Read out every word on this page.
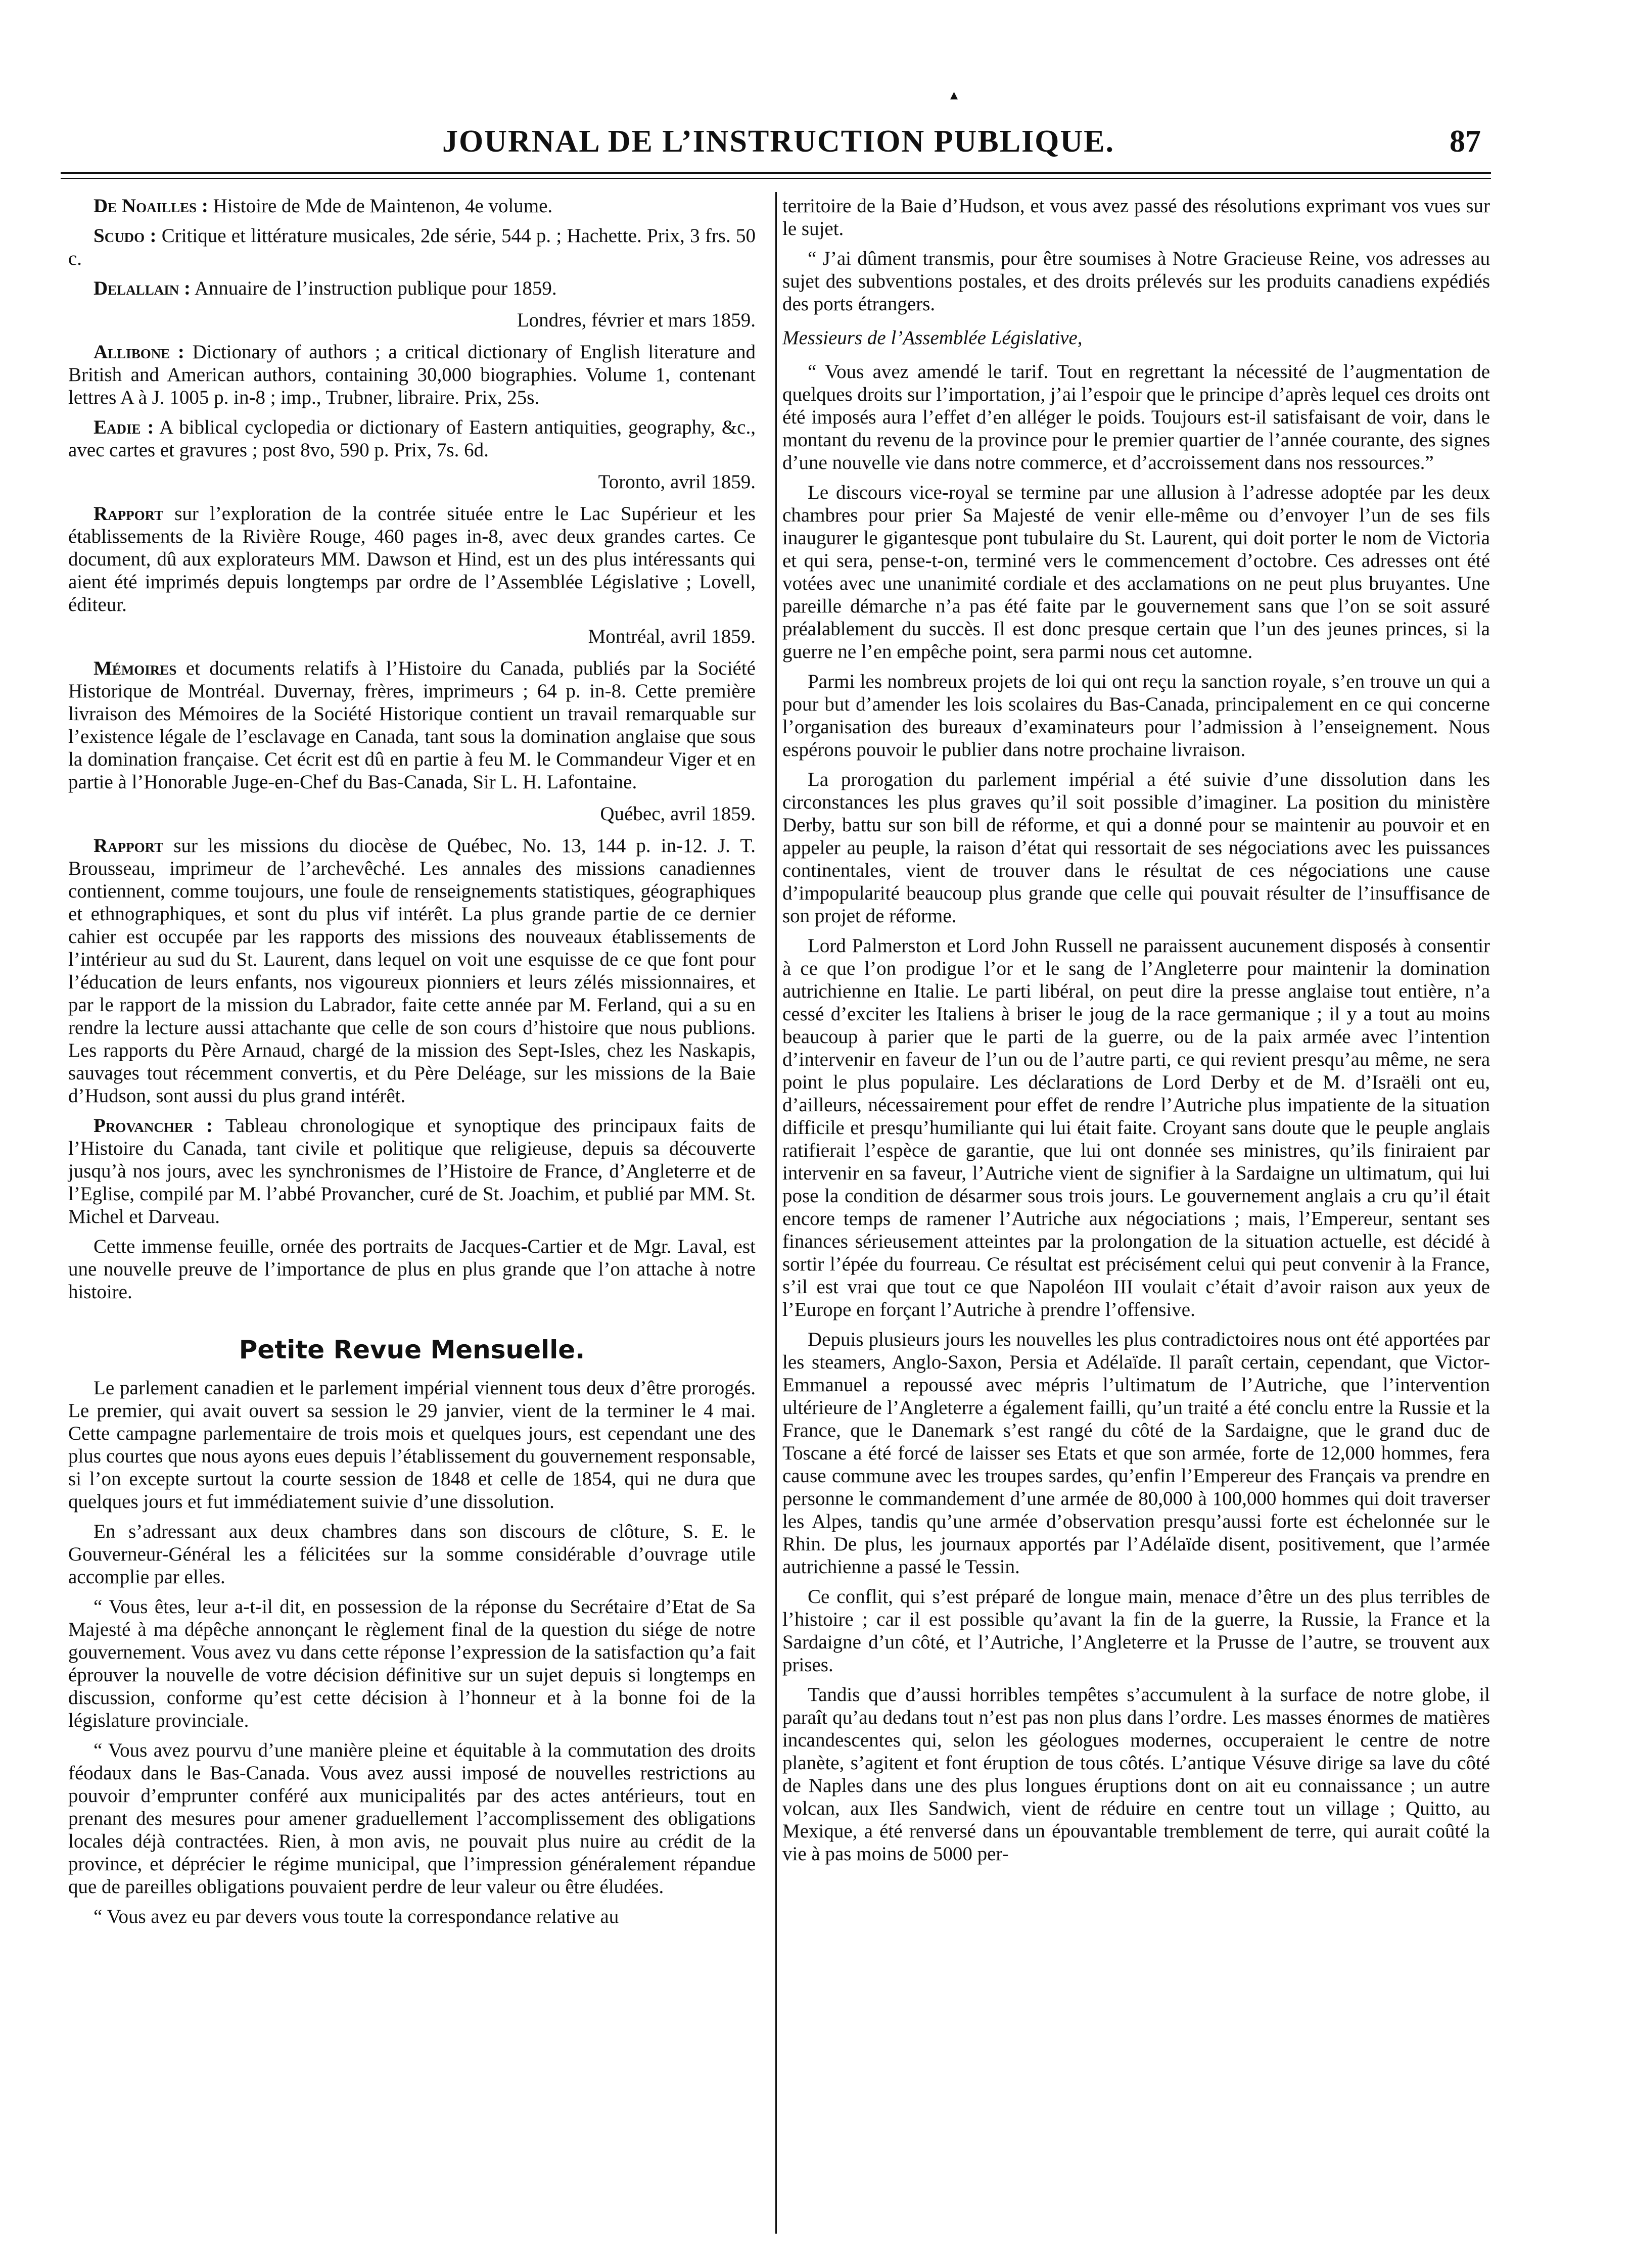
▴
JOURNAL DE L’INSTRUCTION PUBLIQUE.	87

De Noailles : Histoire de Mde de Maintenon, 4e volume.

Scudo : Critique et littérature musicales, 2de série, 544 p. ; Hachette. Prix, 3 frs. 50 c.

Delallain : Annuaire de l’instruction publique pour 1859.

Londres, février et mars 1859.

Allibone : Dictionary of authors ; a critical dictionary of English literature and British and American authors, containing 30,000 biographies. Volume 1, contenant lettres A à J. 1005 p. in-8 ; imp., Trubner, libraire. Prix, 25s.

Eadie : A biblical cyclopedia or dictionary of Eastern antiquities, geography, &c., avec cartes et gravures ; post 8vo, 590 p. Prix, 7s. 6d.

Toronto, avril 1859.

Rapport sur l’exploration de la contrée située entre le Lac Supérieur et les établissements de la Rivière Rouge, 460 pages in-8, avec deux grandes cartes. Ce document, dû aux explorateurs MM. Dawson et Hind, est un des plus intéressants qui aient été imprimés depuis longtemps par ordre de l’Assemblée Législative ; Lovell, éditeur.

Montréal, avril 1859.

Mémoires et documents relatifs à l’Histoire du Canada, publiés par la Société Historique de Montréal. Duvernay, frères, imprimeurs ; 64 p. in-8. Cette première livraison des Mémoires de la Société Historique contient un travail remarquable sur l’existence légale de l’esclavage en Canada, tant sous la domination anglaise que sous la domination française. Cet écrit est dû en partie à feu M. le Commandeur Viger et en partie à l’Honorable Juge-en-Chef du Bas-Canada, Sir L. H. Lafontaine.

Québec, avril 1859.

Rapport sur les missions du diocèse de Québec, No. 13, 144 p. in-12. J. T. Brousseau, imprimeur de l’archevêché. Les annales des missions canadiennes contiennent, comme toujours, une foule de renseignements statistiques, géographiques et ethnographiques, et sont du plus vif intérêt. La plus grande partie de ce dernier cahier est occupée par les rapports des missions des nouveaux établissements de l’intérieur au sud du St. Laurent, dans lequel on voit une esquisse de ce que font pour l’éducation de leurs enfants, nos vigoureux pionniers et leurs zélés missionnaires, et par le rapport de la mission du Labrador, faite cette année par M. Ferland, qui a su en rendre la lecture aussi attachante que celle de son cours d’histoire que nous publions. Les rapports du Père Arnaud, chargé de la mission des Sept-Isles, chez les Naskapis, sauvages tout récemment convertis, et du Père Deléage, sur les missions de la Baie d’Hudson, sont aussi du plus grand intérêt.

Provancher : Tableau chronologique et synoptique des principaux faits de l’Histoire du Canada, tant civile et politique que religieuse, depuis sa découverte jusqu’à nos jours, avec les synchronismes de l’Histoire de France, d’Angleterre et de l’Eglise, compilé par M. l’abbé Provancher, curé de St. Joachim, et publié par MM. St. Michel et Darveau.

Cette immense feuille, ornée des portraits de Jacques-Cartier et de Mgr. Laval, est une nouvelle preuve de l’importance de plus en plus grande que l’on attache à notre histoire.

Petite Revue Mensuelle.

Le parlement canadien et le parlement impérial viennent tous deux d’être prorogés. Le premier, qui avait ouvert sa session le 29 janvier, vient de la terminer le 4 mai. Cette campagne parlementaire de trois mois et quelques jours, est cependant une des plus courtes que nous ayons eues depuis l’établissement du gouvernement responsable, si l’on excepte surtout la courte session de 1848 et celle de 1854, qui ne dura que quelques jours et fut immédiatement suivie d’une dissolution.

En s’adressant aux deux chambres dans son discours de clôture, S. E. le Gouverneur-Général les a félicitées sur la somme considérable d’ouvrage utile accomplie par elles.

“ Vous êtes, leur a-t-il dit, en possession de la réponse du Secrétaire d’Etat de Sa Majesté à ma dépêche annonçant le règlement final de la question du siége de notre gouvernement. Vous avez vu dans cette réponse l’expression de la satisfaction qu’a fait éprouver la nouvelle de votre décision définitive sur un sujet depuis si longtemps en discussion, conforme qu’est cette décision à l’honneur et à la bonne foi de la législature provinciale.

“ Vous avez pourvu d’une manière pleine et équitable à la commutation des droits féodaux dans le Bas-Canada. Vous avez aussi imposé de nouvelles restrictions au pouvoir d’emprunter conféré aux municipalités par des actes antérieurs, tout en prenant des mesures pour amener graduellement l’accomplissement des obligations locales déjà contractées. Rien, à mon avis, ne pouvait plus nuire au crédit de la province, et déprécier le régime municipal, que l’impression généralement répandue que de pareilles obligations pouvaient perdre de leur valeur ou être éludées.

“ Vous avez eu par devers vous toute la correspondance relative au

territoire de la Baie d’Hudson, et vous avez passé des résolutions exprimant vos vues sur le sujet.

“ J’ai dûment transmis, pour être soumises à Notre Gracieuse Reine, vos adresses au sujet des subventions postales, et des droits prélevés sur les produits canadiens expédiés des ports étrangers.

Messieurs de l’Assemblée Législative,

“ Vous avez amendé le tarif. Tout en regrettant la nécessité de l’augmentation de quelques droits sur l’importation, j’ai l’espoir que le principe d’après lequel ces droits ont été imposés aura l’effet d’en alléger le poids. Toujours est-il satisfaisant de voir, dans le montant du revenu de la province pour le premier quartier de l’année courante, des signes d’une nouvelle vie dans notre commerce, et d’accroissement dans nos ressources.”

Le discours vice-royal se termine par une allusion à l’adresse adoptée par les deux chambres pour prier Sa Majesté de venir elle-même ou d’envoyer l’un de ses fils inaugurer le gigantesque pont tubulaire du St. Laurent, qui doit porter le nom de Victoria et qui sera, pense-t-on, terminé vers le commencement d’octobre. Ces adresses ont été votées avec une unanimité cordiale et des acclamations on ne peut plus bruyantes. Une pareille démarche n’a pas été faite par le gouvernement sans que l’on se soit assuré préalablement du succès. Il est donc presque certain que l’un des jeunes princes, si la guerre ne l’en empêche point, sera parmi nous cet automne.

Parmi les nombreux projets de loi qui ont reçu la sanction royale, s’en trouve un qui a pour but d’amender les lois scolaires du Bas-Canada, principalement en ce qui concerne l’organisation des bureaux d’examinateurs pour l’admission à l’enseignement. Nous espérons pouvoir le publier dans notre prochaine livraison.

La prorogation du parlement impérial a été suivie d’une dissolution dans les circonstances les plus graves qu’il soit possible d’imaginer. La position du ministère Derby, battu sur son bill de réforme, et qui a donné pour se maintenir au pouvoir et en appeler au peuple, la raison d’état qui ressortait de ses négociations avec les puissances continentales, vient de trouver dans le résultat de ces négociations une cause d’impopularité beaucoup plus grande que celle qui pouvait résulter de l’insuffisance de son projet de réforme.

Lord Palmerston et Lord John Russell ne paraissent aucunement disposés à consentir à ce que l’on prodigue l’or et le sang de l’Angleterre pour maintenir la domination autrichienne en Italie. Le parti libéral, on peut dire la presse anglaise tout entière, n’a cessé d’exciter les Italiens à briser le joug de la race germanique ; il y a tout au moins beaucoup à parier que le parti de la guerre, ou de la paix armée avec l’intention d’intervenir en faveur de l’un ou de l’autre parti, ce qui revient presqu’au même, ne sera point le plus populaire. Les déclarations de Lord Derby et de M. d’Israëli ont eu, d’ailleurs, nécessairement pour effet de rendre l’Autriche plus impatiente de la situation difficile et presqu’humiliante qui lui était faite. Croyant sans doute que le peuple anglais ratifierait l’espèce de garantie, que lui ont donnée ses ministres, qu’ils finiraient par intervenir en sa faveur, l’Autriche vient de signifier à la Sardaigne un ultimatum, qui lui pose la condition de désarmer sous trois jours. Le gouvernement anglais a cru qu’il était encore temps de ramener l’Autriche aux négociations ; mais, l’Empereur, sentant ses finances sérieusement atteintes par la prolongation de la situation actuelle, est décidé à sortir l’épée du fourreau. Ce résultat est précisément celui qui peut convenir à la France, s’il est vrai que tout ce que Napoléon III voulait c’était d’avoir raison aux yeux de l’Europe en forçant l’Autriche à prendre l’offensive.

Depuis plusieurs jours les nouvelles les plus contradictoires nous ont été apportées par les steamers, Anglo-Saxon, Persia et Adélaïde. Il paraît certain, cependant, que Victor-Emmanuel a repoussé avec mépris l’ultimatum de l’Autriche, que l’intervention ultérieure de l’Angleterre a également failli, qu’un traité a été conclu entre la Russie et la France, que le Danemark s’est rangé du côté de la Sardaigne, que le grand duc de Toscane a été forcé de laisser ses Etats et que son armée, forte de 12,000 hommes, fera cause commune avec les troupes sardes, qu’enfin l’Empereur des Français va prendre en personne le commandement d’une armée de 80,000 à 100,000 hommes qui doit traverser les Alpes, tandis qu’une armée d’observation presqu’aussi forte est échelonnée sur le Rhin. De plus, les journaux apportés par l’Adélaïde disent, positivement, que l’armée autrichienne a passé le Tessin.

Ce conflit, qui s’est préparé de longue main, menace d’être un des plus terribles de l’histoire ; car il est possible qu’avant la fin de la guerre, la Russie, la France et la Sardaigne d’un côté, et l’Autriche, l’Angleterre et la Prusse de l’autre, se trouvent aux prises.

Tandis que d’aussi horribles tempêtes s’accumulent à la surface de notre globe, il paraît qu’au dedans tout n’est pas non plus dans l’ordre. Les masses énormes de matières incandescentes qui, selon les géologues modernes, occuperaient le centre de notre planète, s’agitent et font éruption de tous côtés. L’antique Vésuve dirige sa lave du côté de Naples dans une des plus longues éruptions dont on ait eu connaissance ; un autre volcan, aux Iles Sandwich, vient de réduire en centre tout un village ; Quitto, au Mexique, a été renversé dans un épouvantable tremblement de terre, qui aurait coûté la vie à pas moins de 5000 per-
